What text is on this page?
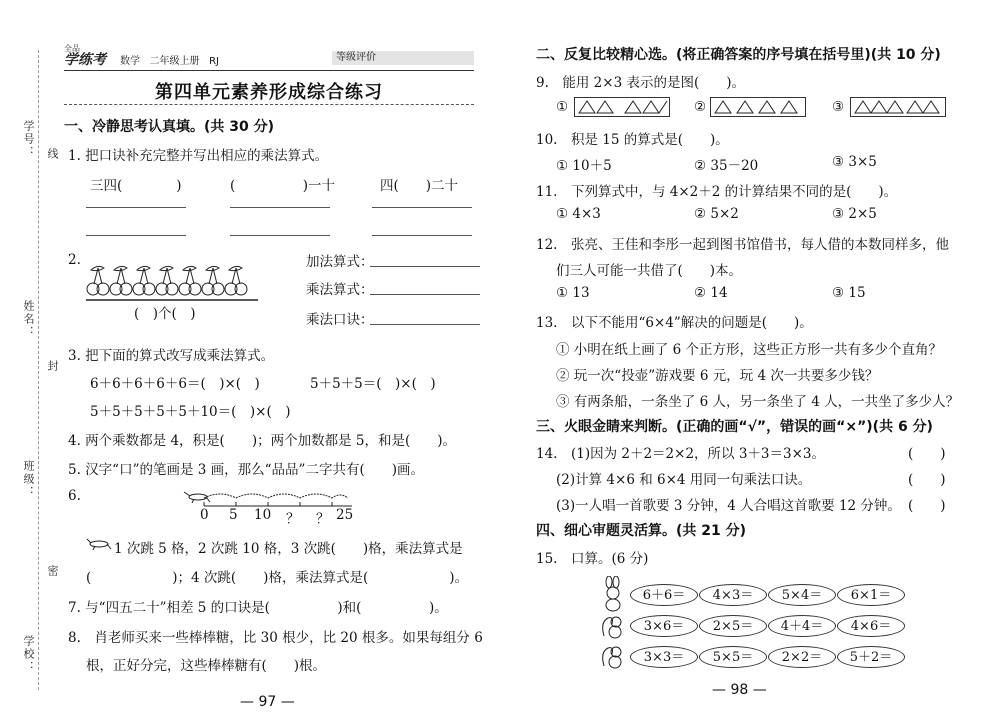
学号： 线
姓名：
封
班级：
密
学校：
全品
学练考	数学 二年级上册 RJ	等级评价
第四单元素养形成综合练习
一、冷静思考认真填。(共 30 分)
1. 把口诀补充完整并写出相应的乘法算式。
三四(　　　　)	(　　　　　)一十	四(　　)二十
2.
(　)个(　)
加法算式：
乘法算式：
乘法口诀：
3. 把下面的算式改写成乘法算式。
6＋6＋6＋6＋6＝(　)×(　)	5＋5＋5＝(　)×(　)
5＋5＋5＋5＋5＋10＝(　)×(　)
4. 两个乘数都是 4，积是(　　)；两个加数都是 5，和是(　　)。
5. 汉字“口”的笔画是 3 画，那么“品品”二字共有(　　)画。
6.
0 5 10 ？ ？ 25
1 次跳 5 格，2 次跳 10 格，3 次跳(　　)格，乘法算式是
(　　　　　　)；4 次跳(　　)格，乘法算式是(　　　　　　)。
7. 与“四五二十”相差 5 的口诀是(　　　　　)和(　　　　　)。
8.　肖老师买来一些棒棒糖，比 30 根少，比 20 根多。如果每组分 6
根，正好分完，这些棒棒糖有(　　)根。
— 97 —
二、反复比较精心选。(将正确答案的序号填在括号里)(共 10 分)
9.　能用 2×3 表示的是图(　　)。
①	②	③
10.　积是 15 的算式是(　　)。
① 10＋5	② 35－20	③ 3×5
11.　下列算式中，与 4×2＋2 的计算结果不同的是(　　)。
① 4×3	② 5×2	③ 2×5
12.　张亮、王佳和李彤一起到图书馆借书，每人借的本数同样多，他
们三人可能一共借了(　　)本。
① 13	② 14	③ 15
13.　以下不能用“6×4”解决的问题是(　　)。
① 小明在纸上画了 6 个正方形，这些正方形一共有多少个直角？
② 玩一次“投壶”游戏要 6 元，玩 4 次一共要多少钱？
③ 有两条船，一条坐了 6 人，另一条坐了 4 人，一共坐了多少人？
三、火眼金睛来判断。(正确的画“√”，错误的画“×”)(共 6 分)
14.　(1)因为 2＋2＝2×2，所以 3＋3＝3×3。	(　　)
(2)计算 4×6 和 6×4 用同一句乘法口诀。	(　　)
(3)一人唱一首歌要 3 分钟，4 人合唱这首歌要 12 分钟。 (　　)
四、细心审题灵活算。(共 21 分)
15.　口算。(6 分)
6＋6＝	4×3＝	5×4＝	6×1＝
3×6＝	2×5＝	4＋4＝	4×6＝
3×3＝	5×5＝	2×2＝	5＋2＝
— 98 —
